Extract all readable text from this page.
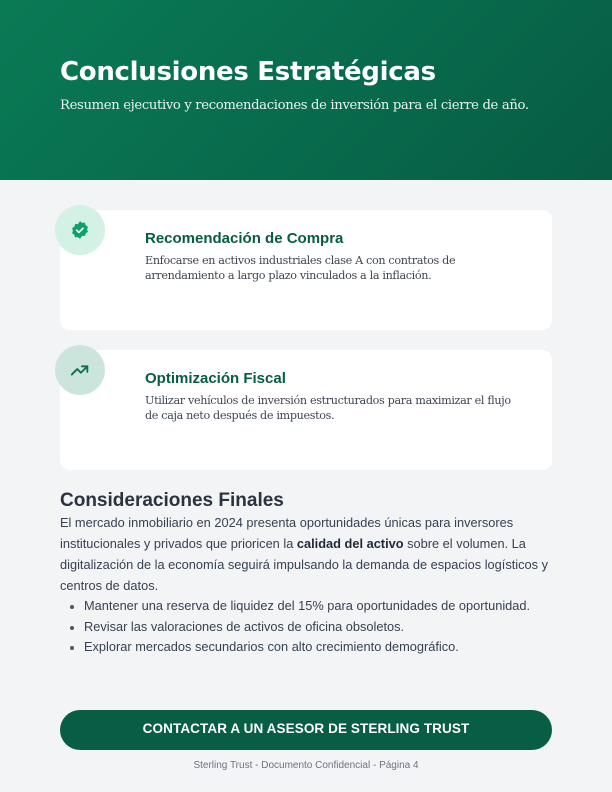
Conclusiones Estratégicas

Resumen ejecutivo y recomendaciones de inversión para el cierre de año.

Recomendación de Compra
Enfocarse en activos industriales clase A con contratos de arrendamiento a largo plazo vinculados a la inflación.
Optimización Fiscal
Utilizar vehículos de inversión estructurados para maximizar el flujo de caja neto después de impuestos.
Consideraciones Finales

El mercado inmobiliario en 2024 presenta oportunidades únicas para inversores institucionales y privados que prioricen la calidad del activo sobre el volumen. La digitalización de la economía seguirá impulsando la demanda de espacios logísticos y centros de datos.

Mantener una reserva de liquidez del 15% para oportunidades de oportunidad.
Revisar las valoraciones de activos de oficina obsoletos.
Explorar mercados secundarios con alto crecimiento demográfico.
CONTACTAR A UN ASESOR DE STERLING TRUST
Sterling Trust - Documento Confidencial - Página 4
